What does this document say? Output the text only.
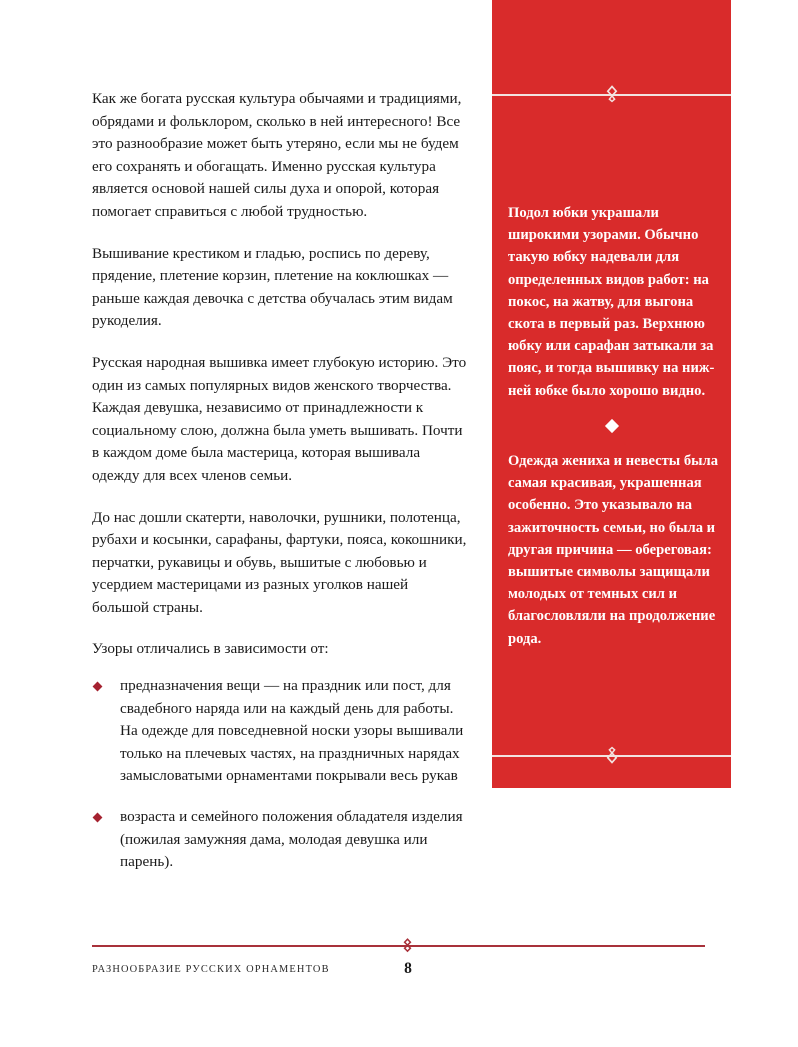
Как же богата русская культура обычаями и традициями, обрядами и фольклором, сколько в ней интересного! Все это разнообразие может быть утеряно, если мы не будем его сохранять и обогащать. Именно русская культура является основой нашей силы духа и опорой, которая помогает справиться с любой трудностью.

Вышивание крестиком и гладью, роспись по дереву, прядение, плетение корзин, плетение на коклюшках — раньше каждая девочка с детства обучалась этим видам рукоделия.

Русская народная вышивка имеет глубокую историю. Это один из самых популярных видов женского творчества. Каждая девушка, независимо от принадлежности к социальному слою, должна была уметь вышивать. Почти в каждом доме была мастерица, которая вышивала одежду для всех членов семьи.

До нас дошли скатерти, наволочки, рушники, полотенца, рубахи и косынки, сарафаны, фартуки, пояса, кокошники, перчатки, рукавицы и обувь, вышитые с любовью и усердием мастерицами из разных уголков нашей большой страны.

Узоры отличались в зависимости от:

предназначения вещи — на праздник или пост, для свадебного наряда или на каждый день для работы. На одежде для повседневной носки узоры вышивали только на плечевых частях, на праздничных нарядах замысловатыми орнаментами покрывали весь рукав
возраста и семейного положения обладателя изделия (пожилая замужняя дама, молодая девушка или парень).

Подол юбки украшали широкими узорами. Обычно такую юбку надевали для определенных видов работ: на покос, на жатву, для выгона скота в первый раз. Верхнюю юбку или сарафан затыкали за пояс, и тогда вышивку на нижней юбке было хорошо видно.

Одежда жениха и невесты была самая красивая, украшенная особенно. Это указывало на зажиточность семьи, но была и другая причина — обереговая: вышитые символы защищали молодых от темных сил и благословляли на продолжение рода.

РАЗНООБРАЗИЕ РУССКИХ ОРНАМЕНТОВ	8
